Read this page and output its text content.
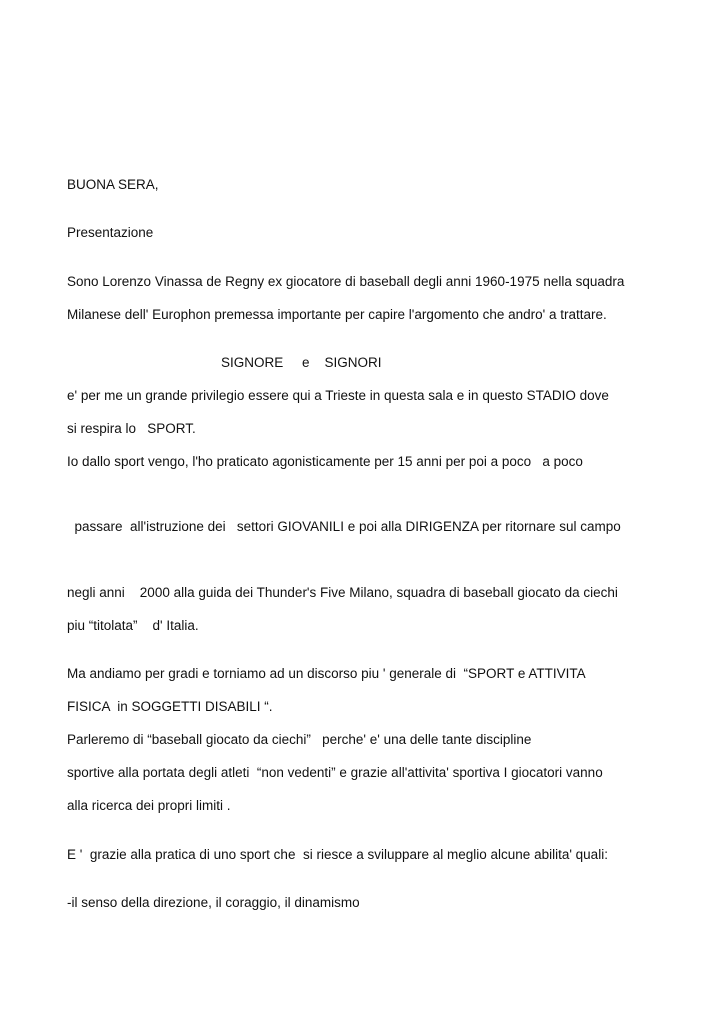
BUONA SERA,
Presentazione
Sono Lorenzo Vinassa de Regny ex giocatore di baseball degli anni 1960-1975 nella squadra
Milanese dell' Europhon premessa importante per capire l'argomento che andro' a trattare.
SIGNORE     e    SIGNORI
e' per me un grande privilegio essere qui a Trieste in questa sala e in questo STADIO dove
si respira lo   SPORT.
Io dallo sport vengo, l'ho praticato agonisticamente per 15 anni per poi a poco   a poco
passare  all'istruzione dei   settori GIOVANILI e poi alla DIRIGENZA per ritornare sul campo
negli anni    2000 alla guida dei Thunder's Five Milano, squadra di baseball giocato da ciechi
piu “titolata”    d' Italia.
Ma andiamo per gradi e torniamo ad un discorso piu ' generale di  “SPORT e ATTIVITA
FISICA  in SOGGETTI DISABILI “.
Parleremo di “baseball giocato da ciechi”   perche' e' una delle tante discipline
sportive alla portata degli atleti  “non vedenti” e grazie all'attivita' sportiva I giocatori vanno
alla ricerca dei propri limiti .
E '  grazie alla pratica di uno sport che  si riesce a sviluppare al meglio alcune abilita' quali:
-il senso della direzione, il coraggio, il dinamismo
